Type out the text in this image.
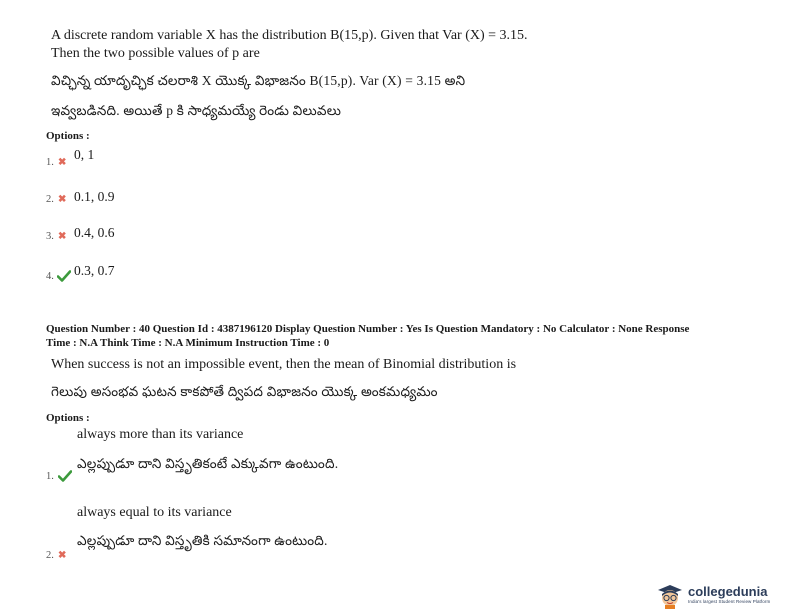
A discrete random variable X has the distribution B(15,p). Given that Var (X) = 3.15.
Then the two possible values of p are
విచ్ఛిన్న యాదృచ్ఛిక చలరాశి X యొక్క విభాజనం B(15,p). Var (X) = 3.15 అని
ఇవ్వబడినది. అయితే p కి సాధ్యమయ్యే రెండు విలువలు
Options :
1. ✖
0, 1
2. ✖ 0.1, 0.9
3. ✖ 0.4, 0.6
4. 0.3, 0.7
Question Number : 40 Question Id : 4387196120 Display Question Number : Yes Is Question Mandatory : No Calculator : None Response
Time : N.A Think Time : N.A Minimum Instruction Time : 0
When success is not an impossible event, then the mean of Binomial distribution is
గెలుపు అసంభవ ఘటన కాకపోతే ద్విపద విభాజనం యొక్క అంకమధ్యమం
Options :
always more than its variance
ఎల్లప్పుడూ దాని విస్తృతికంటే ఎక్కువగా ఉంటుంది.
1.
always equal to its variance
ఎల్లప్పుడూ దాని విస్తృతికి సమానంగా ఉంటుంది.
2. ✖
collegedunia
India's largest Student Review Platform
